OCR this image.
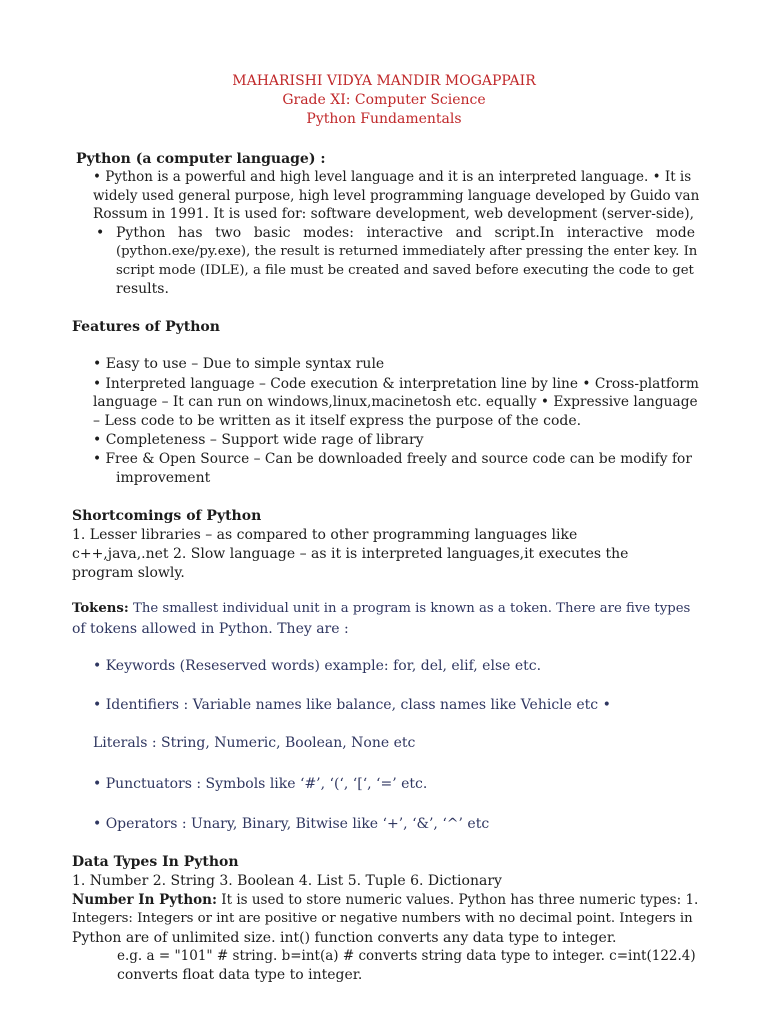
MAHARISHI VIDYA MANDIR MOGAPPAIR
Grade XI: Computer Science
Python Fundamentals
Python (a computer language) :
• Python is a powerful and high level language and it is an interpreted language. • It is
widely used general purpose, high level programming language developed by Guido van
Rossum in 1991. It is used for: software development, web development (server-side),
• Python has two basic modes: interactive and script.In interactive mode
(python.exe/py.exe), the result is returned immediately after pressing the enter key. In
script mode (IDLE), a file must be created and saved before executing the code to get
results.
Features of Python
• Easy to use – Due to simple syntax rule
• Interpreted language – Code execution & interpretation line by line • Cross-platform
language – It can run on windows,linux,macinetosh etc. equally • Expressive language
– Less code to be written as it itself express the purpose of the code.
• Completeness – Support wide rage of library
• Free & Open Source – Can be downloaded freely and source code can be modify for
improvement
Shortcomings of Python
1. Lesser libraries – as compared to other programming languages like
c++,java,.net 2. Slow language – as it is interpreted languages,it executes the
program slowly.
Tokens: The smallest individual unit in a program is known as a token. There are five types
of tokens allowed in Python. They are :
• Keywords (Reseserved words) example: for, del, elif, else etc.
• Identifiers : Variable names like balance, class names like Vehicle etc •
Literals : String, Numeric, Boolean, None etc
• Punctuators : Symbols like ‘#’, ‘(‘, ‘[‘, ‘=’ etc.
• Operators : Unary, Binary, Bitwise like ‘+’, ‘&’, ‘^’ etc
Data Types In Python
1. Number 2. String 3. Boolean 4. List 5. Tuple 6. Dictionary
Number In Python: It is used to store numeric values. Python has three numeric types: 1.
Integers: Integers or int are positive or negative numbers with no decimal point. Integers in
Python are of unlimited size. int() function converts any data type to integer.
e.g. a = "101" # string. b=int(a) # converts string data type to integer. c=int(122.4)
converts float data type to integer.
